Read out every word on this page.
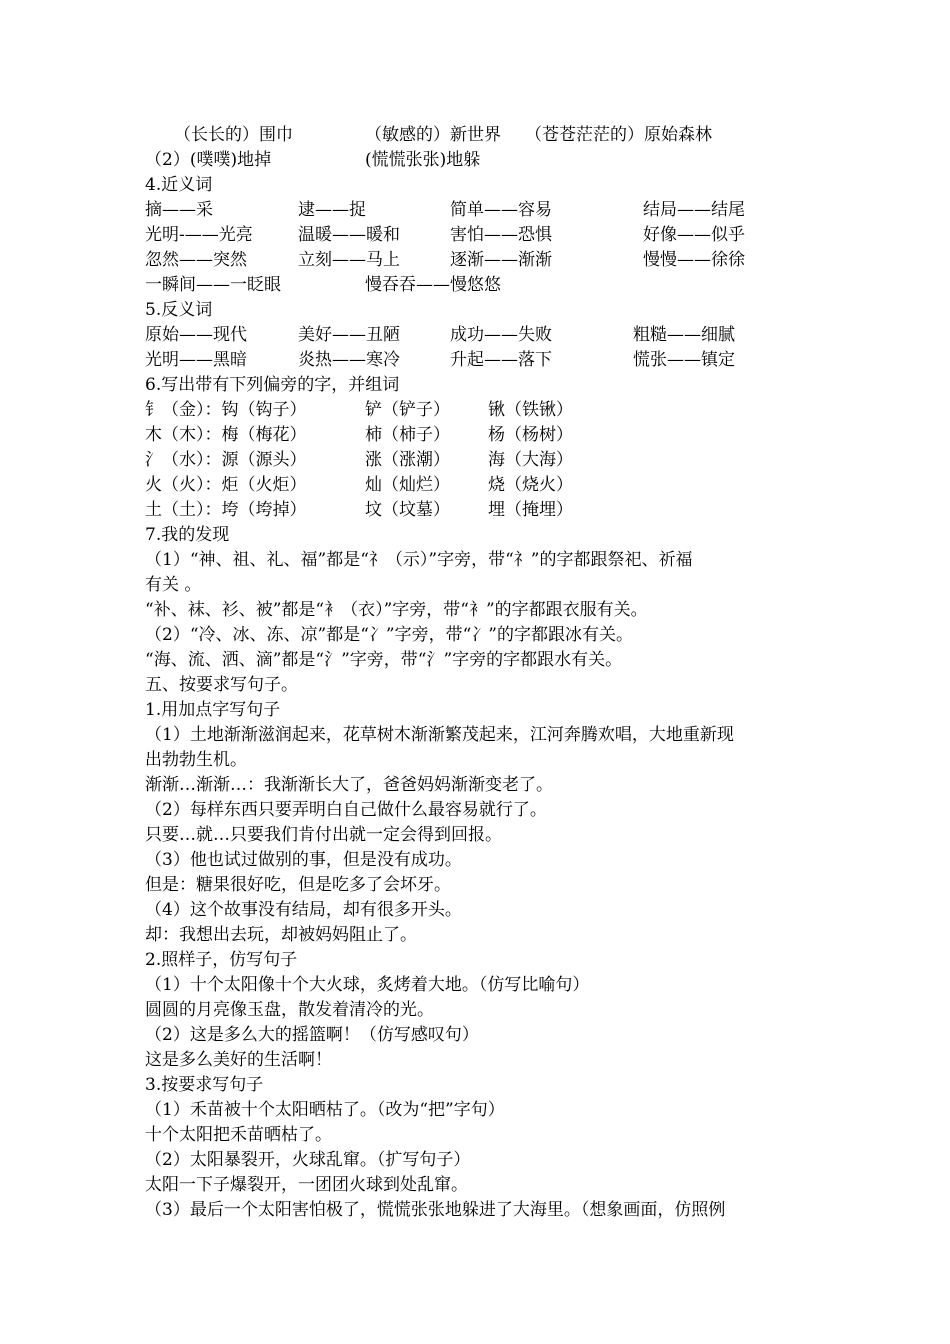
（长长的）围巾	（敏感的）新世界 （苍苍茫茫的）原始森林
（2）(噗噗)地掉	(慌慌张张)地躲
4.近义词
摘——采	逮——捉	简单——容易	结局——结尾
光明-——光亮	温暖——暖和	害怕——恐惧	好像——似乎
忽然——突然	立刻——马上	逐渐——渐渐	慢慢——徐徐
一瞬间——一眨眼	慢吞吞——慢悠悠
5.反义词
原始——现代	美好——丑陋	成功——失败	粗糙——细腻
光明——黑暗	炎热——寒冷	升起——落下	慌张——镇定
6.写出带有下列偏旁的字，并组词
钅（金）：钩（钩子）	铲（铲子） 锹（铁锹）
木（木）：梅（梅花）	柿（柿子） 杨（杨树）
氵（水）：源（源头）	涨（涨潮） 海（大海）
火（火）：炬（火炬）	灿（灿烂） 烧（烧火）
土（土）：垮（垮掉）	坟（坟墓） 埋（掩埋）
7.我的发现
（1）“神、祖、礼、福”都是“礻（示）”字旁，带“礻”的字都跟祭祀、祈福
有关 。
“补、袜、衫、被”都是“衤（衣）”字旁，带“衤”的字都跟衣服有关。
（2）“冷、冰、冻、凉”都是“冫”字旁，带“冫”的字都跟冰有关。
“海、流、洒、滴”都是“氵”字旁，带“氵”字旁的字都跟水有关。
五、按要求写句子。
1.用加点字写句子
（1）土地渐渐滋润起来，花草树木渐渐繁茂起来，江河奔腾欢唱，大地重新现
出勃勃生机。
渐渐…渐渐…：我渐渐长大了，爸爸妈妈渐渐变老了。
（2）每样东西只要弄明白自己做什么最容易就行了。
只要…就…只要我们肯付出就一定会得到回报。
（3）他也试过做别的事，但是没有成功。
但是：糖果很好吃，但是吃多了会坏牙。
（4）这个故事没有结局，却有很多开头。
却：我想出去玩，却被妈妈阻止了。
2.照样子，仿写句子
（1）十个太阳像十个大火球，炙烤着大地。（仿写比喻句）
圆圆的月亮像玉盘，散发着清冷的光。
（2）这是多么大的摇篮啊！（仿写感叹句）
这是多么美好的生活啊！
3.按要求写句子
（1）禾苗被十个太阳晒枯了。（改为“把”字句）
十个太阳把禾苗晒枯了。
（2）太阳暴裂开，火球乱窜。（扩写句子）
太阳一下子爆裂开，一团团火球到处乱窜。
（3）最后一个太阳害怕极了，慌慌张张地躲进了大海里。（想象画面，仿照例
